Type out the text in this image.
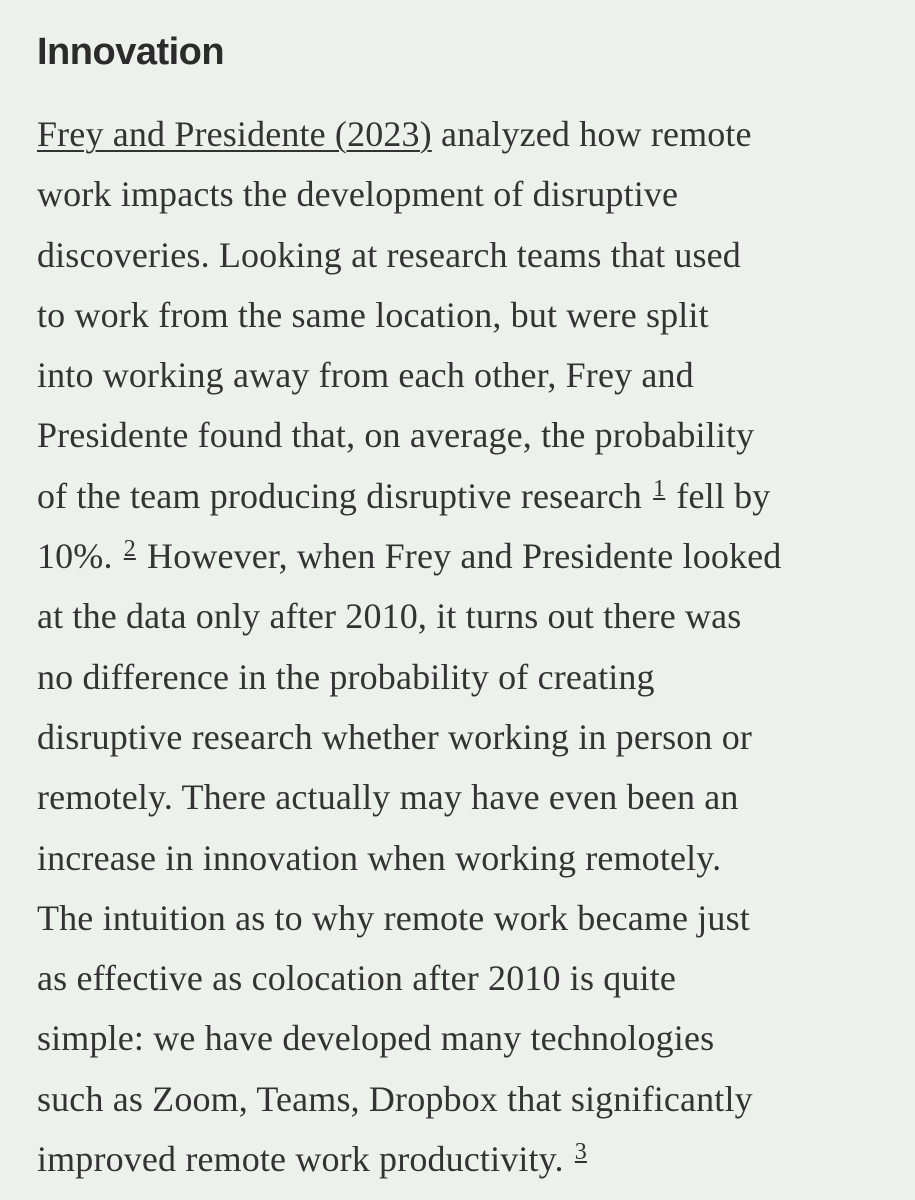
Innovation

Frey and Presidente (2023) analyzed how remote
work impacts the development of disruptive
discoveries. Looking at research teams that used
to work from the same location, but were split
into working away from each other, Frey and
Presidente found that, on average, the probability
of the team producing disruptive research $^1$ fell by
10%. $^2$ However, when Frey and Presidente looked
at the data only after 2010, it turns out there was
no difference in the probability of creating
disruptive research whether working in person or
remotely. There actually may have even been an
increase in innovation when working remotely.
The intuition as to why remote work became just
as effective as colocation after 2010 is quite
simple: we have developed many technologies
such as Zoom, Teams, Dropbox that significantly
improved remote work productivity. $^3$
